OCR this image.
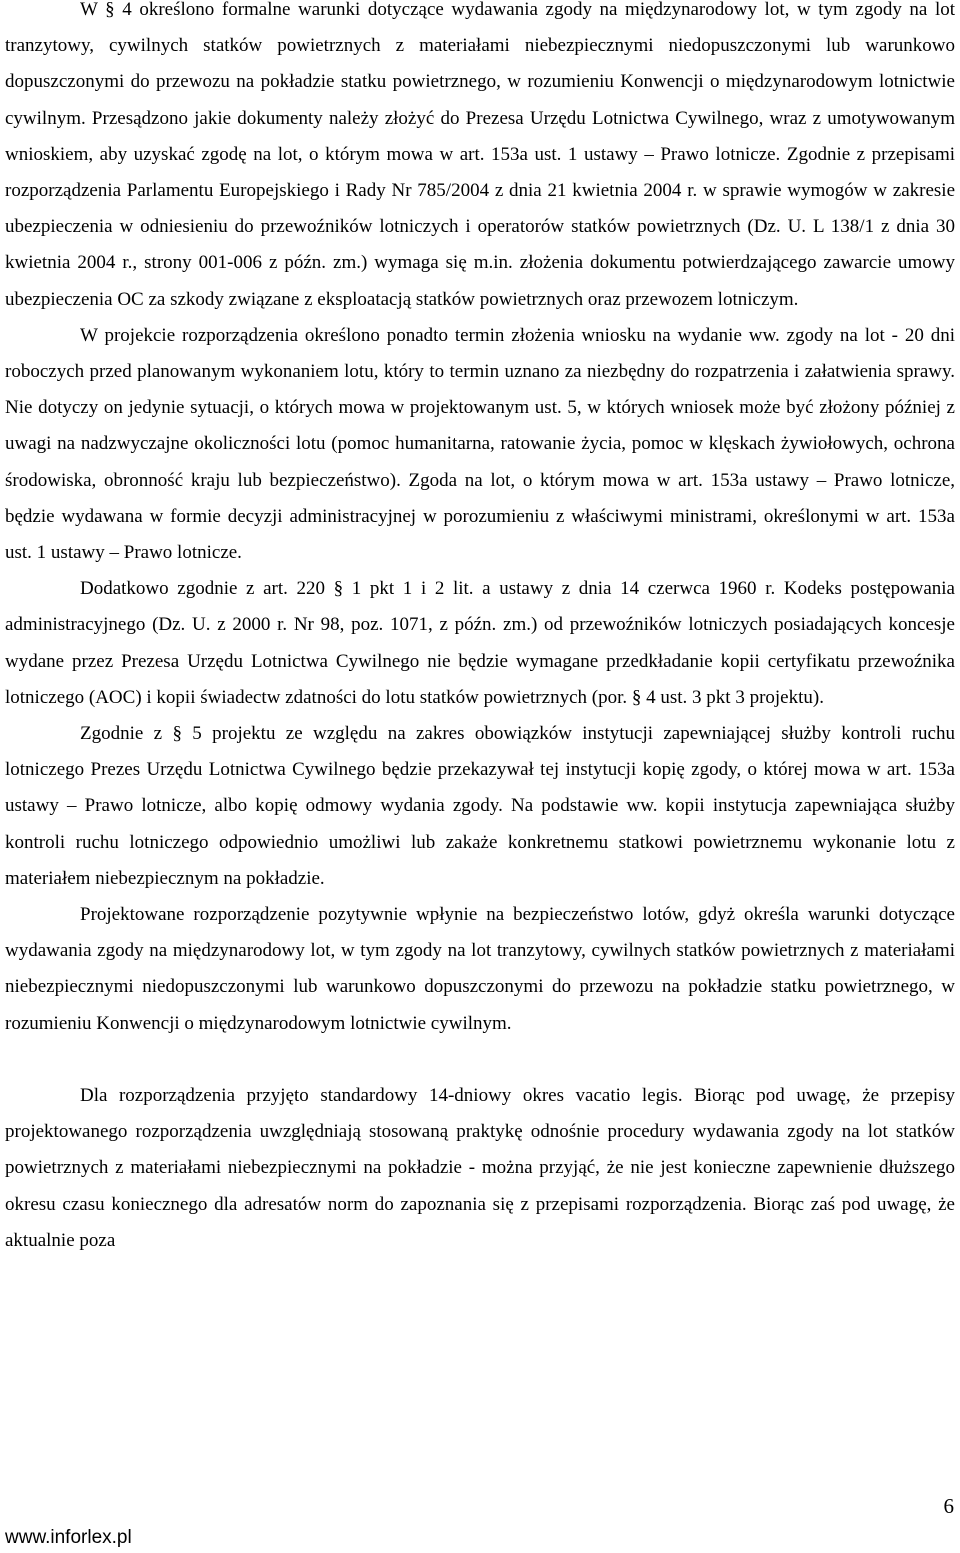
W § 4 określono formalne warunki dotyczące wydawania zgody na międzynarodowy lot, w tym zgody na lot tranzytowy, cywilnych statków powietrznych z materiałami niebezpiecznymi niedopuszczonymi lub warunkowo dopuszczonymi do przewozu na pokładzie statku powietrznego, w rozumieniu Konwencji o międzynarodowym lotnictwie cywilnym. Przesądzono jakie dokumenty należy złożyć do Prezesa Urzędu Lotnictwa Cywilnego, wraz z umotywowanym wnioskiem, aby uzyskać zgodę na lot, o którym mowa w art. 153a ust. 1 ustawy – Prawo lotnicze. Zgodnie z przepisami rozporządzenia Parlamentu Europejskiego i Rady Nr 785/2004 z dnia 21 kwietnia 2004 r. w sprawie wymogów w zakresie ubezpieczenia w odniesieniu do przewoźników lotniczych i operatorów statków powietrznych (Dz. U. L 138/1 z dnia 30 kwietnia 2004 r., strony 001-006 z późn. zm.) wymaga się m.in. złożenia dokumentu potwierdzającego zawarcie umowy ubezpieczenia OC za szkody związane z eksploatacją statków powietrznych oraz przewozem lotniczym.

W projekcie rozporządzenia określono ponadto termin złożenia wniosku na wydanie ww. zgody na lot - 20 dni roboczych przed planowanym wykonaniem lotu, który to termin uznano za niezbędny do rozpatrzenia i załatwienia sprawy. Nie dotyczy on jedynie sytuacji, o których mowa w projektowanym ust. 5, w których wniosek może być złożony później z uwagi na nadzwyczajne okoliczności lotu (pomoc humanitarna, ratowanie życia, pomoc w klęskach żywiołowych, ochrona środowiska, obronność kraju lub bezpieczeństwo). Zgoda na lot, o którym mowa w art. 153a ustawy – Prawo lotnicze, będzie wydawana w formie decyzji administracyjnej w porozumieniu z właściwymi ministrami, określonymi w art. 153a ust. 1 ustawy – Prawo lotnicze.

Dodatkowo zgodnie z art. 220 § 1 pkt 1 i 2 lit. a ustawy z dnia 14 czerwca 1960 r. Kodeks postępowania administracyjnego (Dz. U. z 2000 r. Nr 98, poz. 1071, z późn. zm.) od przewoźników lotniczych posiadających koncesje wydane przez Prezesa Urzędu Lotnictwa Cywilnego nie będzie wymagane przedkładanie kopii certyfikatu przewoźnika lotniczego (AOC) i kopii świadectw zdatności do lotu statków powietrznych (por. § 4 ust. 3 pkt 3 projektu).

Zgodnie z § 5 projektu ze względu na zakres obowiązków instytucji zapewniającej służby kontroli ruchu lotniczego Prezes Urzędu Lotnictwa Cywilnego będzie przekazywał tej instytucji kopię zgody, o której mowa w art. 153a ustawy – Prawo lotnicze, albo kopię odmowy wydania zgody. Na podstawie ww. kopii instytucja zapewniająca służby kontroli ruchu lotniczego odpowiednio umożliwi lub zakaże konkretnemu statkowi powietrznemu wykonanie lotu z materiałem niebezpiecznym na pokładzie.

Projektowane rozporządzenie pozytywnie wpłynie na bezpieczeństwo lotów, gdyż określa warunki dotyczące wydawania zgody na międzynarodowy lot, w tym zgody na lot tranzytowy, cywilnych statków powietrznych z materiałami niebezpiecznymi niedopuszczonymi lub warunkowo dopuszczonymi do przewozu na pokładzie statku powietrznego, w rozumieniu Konwencji o międzynarodowym lotnictwie cywilnym.

Dla rozporządzenia przyjęto standardowy 14-dniowy okres vacatio legis. Biorąc pod uwagę, że przepisy projektowanego rozporządzenia uwzględniają stosowaną praktykę odnośnie procedury wydawania zgody na lot statków powietrznych z materiałami niebezpiecznymi na pokładzie - można przyjąć, że nie jest konieczne zapewnienie dłuższego okresu czasu koniecznego dla adresatów norm do zapoznania się z przepisami rozporządzenia. Biorąc zaś pod uwagę, że aktualnie poza

6
www.inforlex.pl
